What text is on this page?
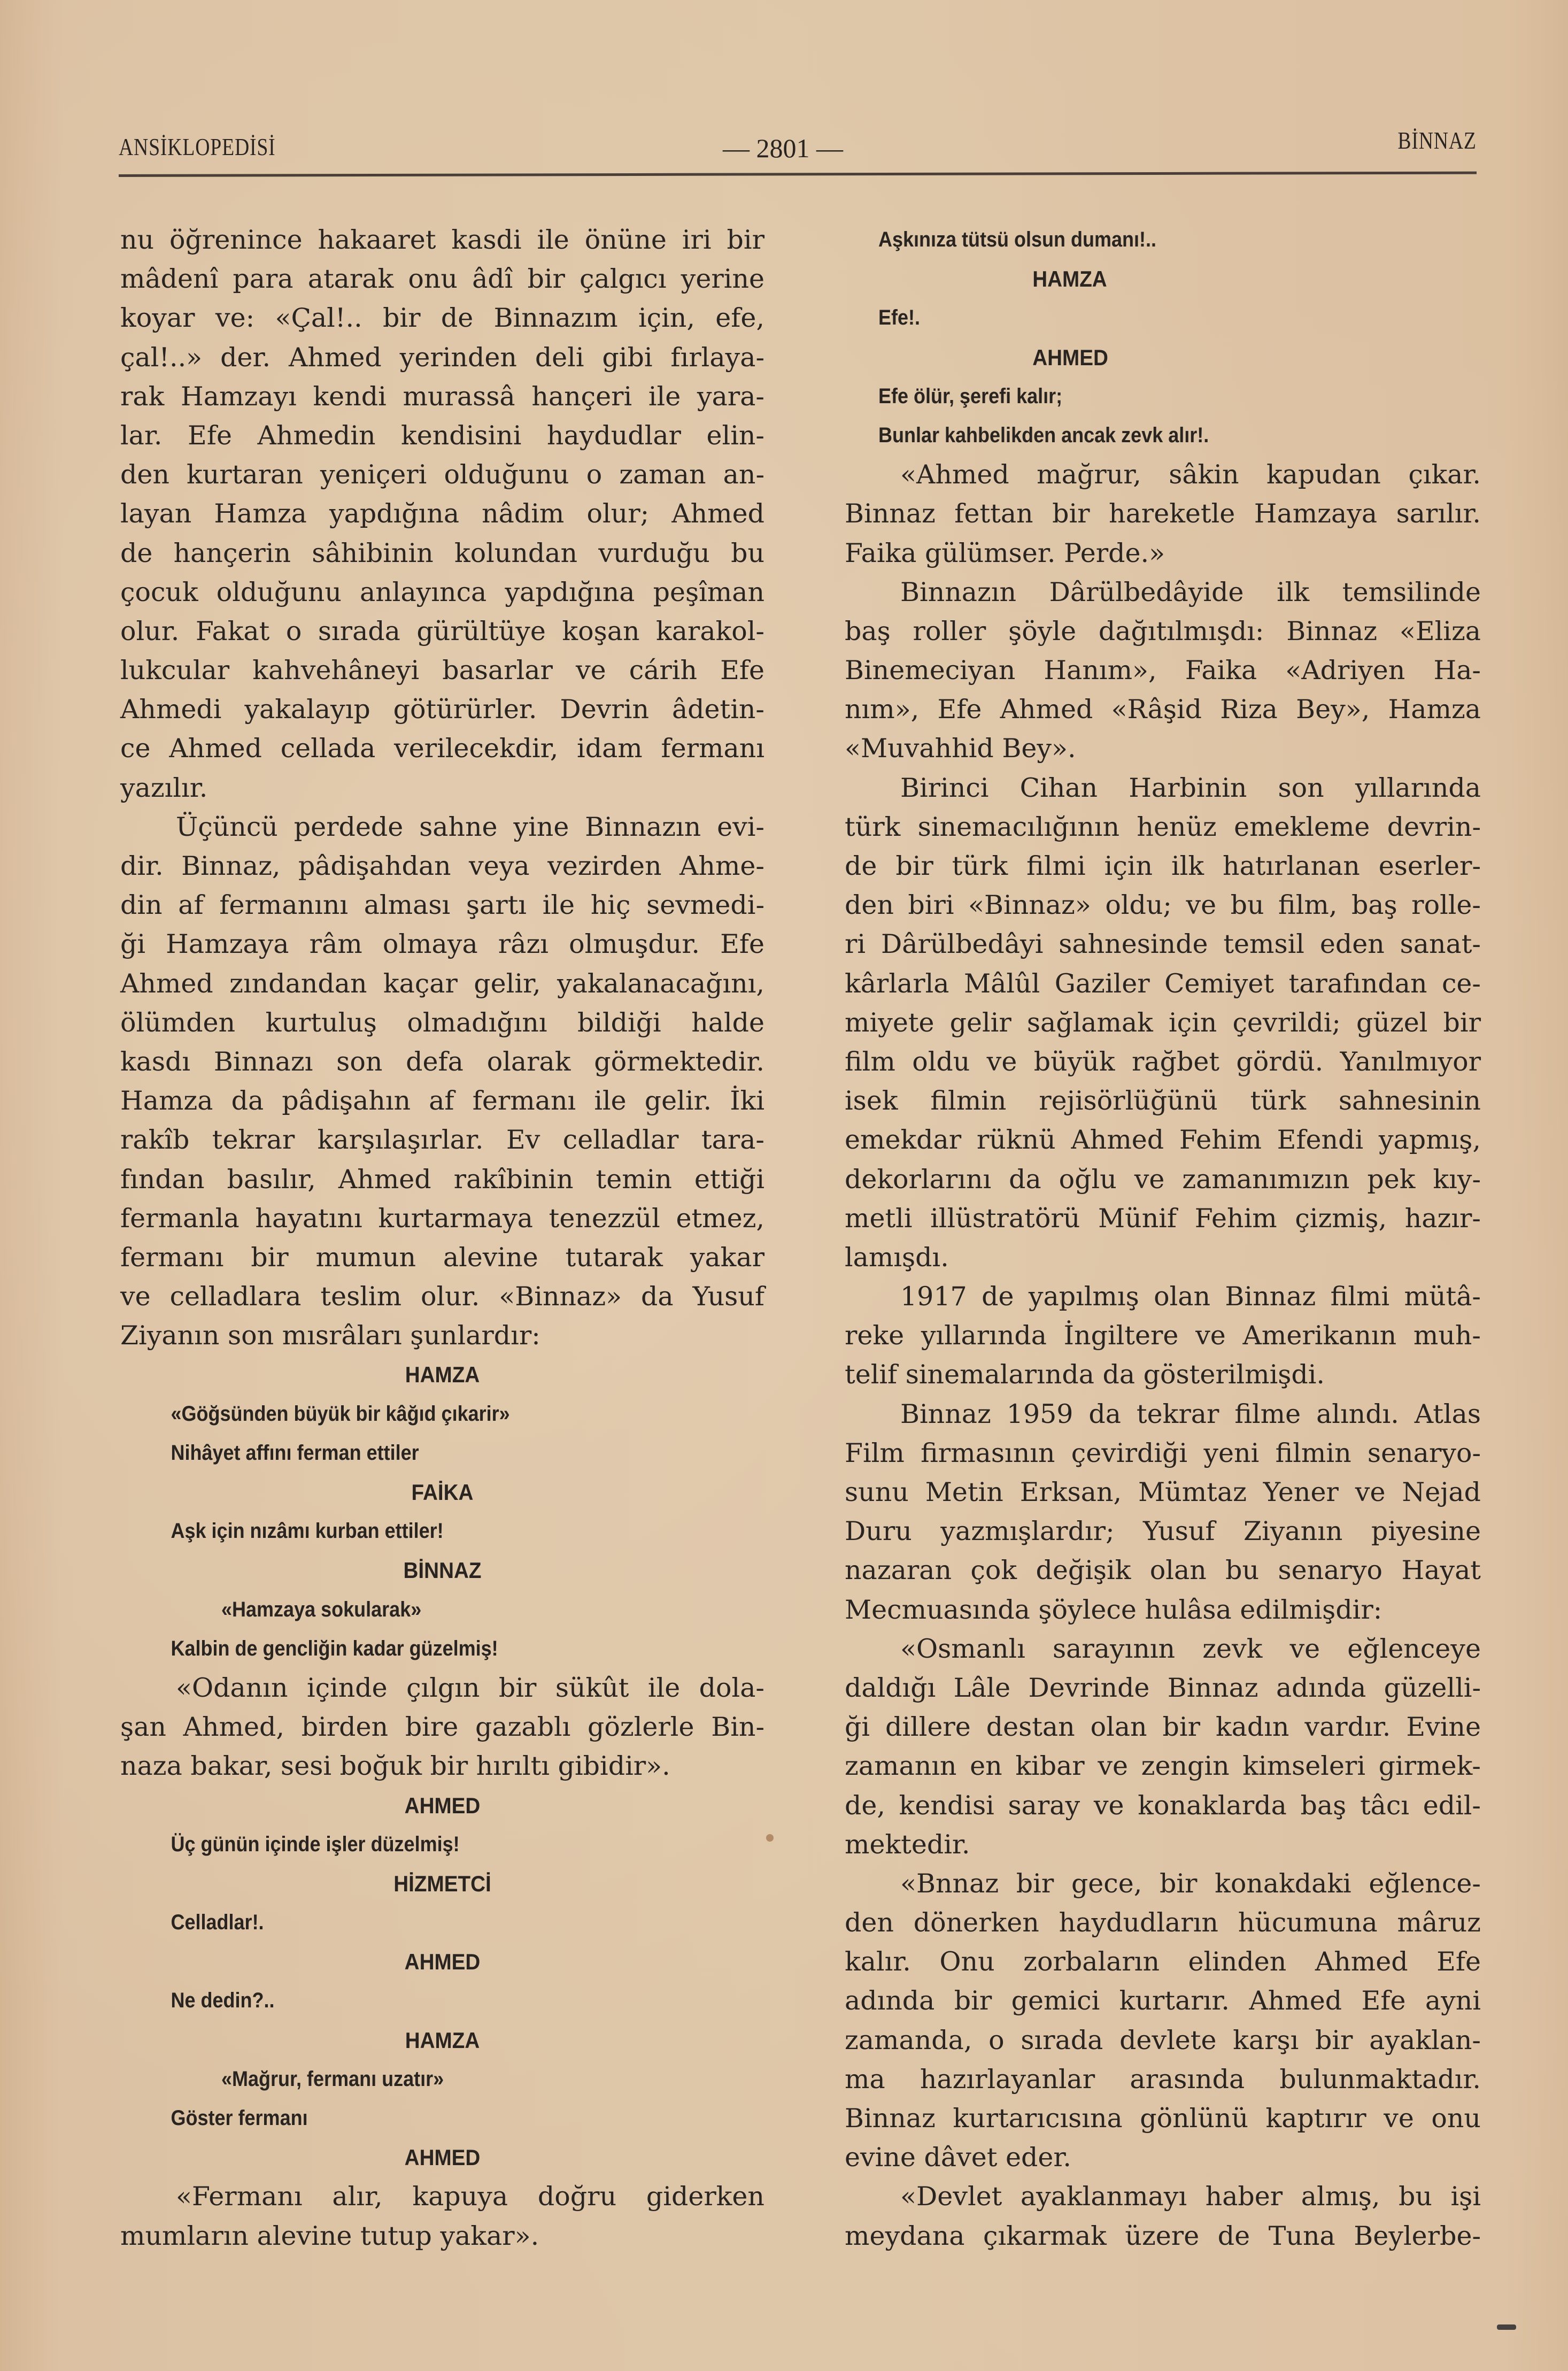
ANSİKLOPEDİSİ	— 2801 —	BİNNAZ
nu öğrenince hakaaret kasdi ile önüne iri bir
mâdenî para atarak onu âdî bir çalgıcı yerine
koyar ve: «Çal!.. bir de Binnazım için, efe,
çal!..» der. Ahmed yerinden deli gibi fırlaya-
rak Hamzayı kendi murassâ hançeri ile yara-
lar. Efe Ahmedin kendisini haydudlar elin-
den kurtaran yeniçeri olduğunu o zaman an-
layan Hamza yapdığına nâdim olur; Ahmed
de hançerin sâhibinin kolundan vurduğu bu
çocuk olduğunu anlayınca yapdığına peşîman
olur. Fakat o sırada gürültüye koşan karakol-
lukcular kahvehâneyi basarlar ve cárih Efe
Ahmedi yakalayıp götürürler. Devrin âdetin-
ce Ahmed cellada verilecekdir, idam fermanı
yazılır.
Üçüncü perdede sahne yine Binnazın evi-
dir. Binnaz, pâdişahdan veya vezirden Ahme-
din af fermanını alması şartı ile hiç sevmedi-
ği Hamzaya râm olmaya râzı olmuşdur. Efe
Ahmed zındandan kaçar gelir, yakalanacağını,
ölümden kurtuluş olmadığını bildiği halde
kasdı Binnazı son defa olarak görmektedir.
Hamza da pâdişahın af fermanı ile gelir. İki
rakîb tekrar karşılaşırlar. Ev celladlar tara-
fından basılır, Ahmed rakîbinin temin ettiği
fermanla hayatını kurtarmaya tenezzül etmez,
fermanı bir mumun alevine tutarak yakar
ve celladlara teslim olur. «Binnaz» da Yusuf
Ziyanın son mısrâları şunlardır:
HAMZA
«Göğsünden büyük bir kâğıd çıkarir»
Nihâyet affını ferman ettiler
FAİKA
Aşk için nızâmı kurban ettiler!
BİNNAZ
«Hamzaya sokularak»
Kalbin de gencliğin kadar güzelmiş!
«Odanın içinde çılgın bir sükût ile dola-
şan Ahmed, birden bire gazablı gözlerle Bin-
naza bakar, sesi boğuk bir hırıltı gibidir».
AHMED
Üç günün içinde işler düzelmiş!
HİZMETCİ
Celladlar!.
AHMED
Ne dedin?..
HAMZA
«Mağrur, fermanı uzatır»
Göster fermanı
AHMED
«Fermanı alır, kapuya doğru giderken
mumların alevine tutup yakar».
Aşkınıza tütsü olsun dumanı!..
HAMZA
Efe!.
AHMED
Efe ölür, şerefi kalır;
Bunlar kahbelikden ancak zevk alır!.
«Ahmed mağrur, sâkin kapudan çıkar.
Binnaz fettan bir hareketle Hamzaya sarılır.
Faika gülümser. Perde.»
Binnazın Dârülbedâyide ilk temsilinde
baş roller şöyle dağıtılmışdı: Binnaz «Eliza
Binemeciyan Hanım», Faika «Adriyen Ha-
nım», Efe Ahmed «Râşid Riza Bey», Hamza
«Muvahhid Bey».
Birinci Cihan Harbinin son yıllarında
türk sinemacılığının henüz emekleme devrin-
de bir türk filmi için ilk hatırlanan eserler-
den biri «Binnaz» oldu; ve bu film, baş rolle-
ri Dârülbedâyi sahnesinde temsil eden sanat-
kârlarla Mâlûl Gaziler Cemiyet tarafından ce-
miyete gelir sağlamak için çevrildi; güzel bir
film oldu ve büyük rağbet gördü. Yanılmıyor
isek filmin rejisörlüğünü türk sahnesinin
emekdar rüknü Ahmed Fehim Efendi yapmış,
dekorlarını da oğlu ve zamanımızın pek kıy-
metli illüstratörü Münif Fehim çizmiş, hazır-
lamışdı.
1917 de yapılmış olan Binnaz filmi mütâ-
reke yıllarında İngiltere ve Amerikanın muh-
telif sinemalarında da gösterilmişdi.
Binnaz 1959 da tekrar filme alındı. Atlas
Film firmasının çevirdiği yeni filmin senaryo-
sunu Metin Erksan, Mümtaz Yener ve Nejad
Duru yazmışlardır; Yusuf Ziyanın piyesine
nazaran çok değişik olan bu senaryo Hayat
Mecmuasında şöylece hulâsa edilmişdir:
«Osmanlı sarayının zevk ve eğlenceye
daldığı Lâle Devrinde Binnaz adında güzelli-
ği dillere destan olan bir kadın vardır. Evine
zamanın en kibar ve zengin kimseleri girmek-
de, kendisi saray ve konaklarda baş tâcı edil-
mektedir.
«Bnnaz bir gece, bir konakdaki eğlence-
den dönerken haydudların hücumuna mâruz
kalır. Onu zorbaların elinden Ahmed Efe
adında bir gemici kurtarır. Ahmed Efe ayni
zamanda, o sırada devlete karşı bir ayaklan-
ma hazırlayanlar arasında bulunmaktadır.
Binnaz kurtarıcısına gönlünü kaptırır ve onu
evine dâvet eder.
«Devlet ayaklanmayı haber almış, bu işi
meydana çıkarmak üzere de Tuna Beylerbe-
